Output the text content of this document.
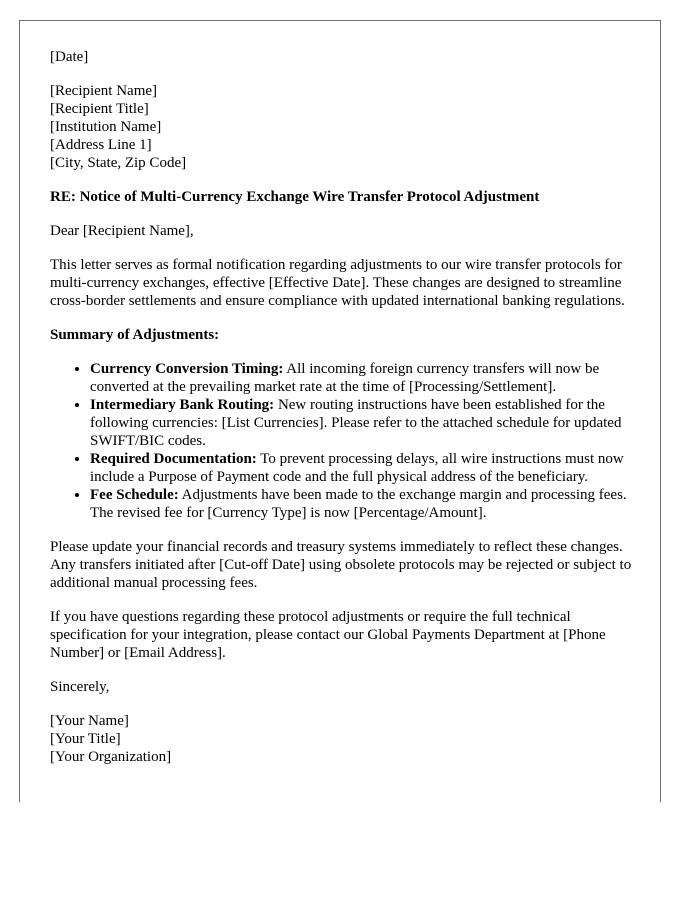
[Date]
[Recipient Name]
[Recipient Title]
[Institution Name]
[Address Line 1]
[City, State, Zip Code]
RE: Notice of Multi-Currency Exchange Wire Transfer Protocol Adjustment
Dear [Recipient Name],
This letter serves as formal notification regarding adjustments to our wire transfer protocols for multi-currency exchanges, effective [Effective Date]. These changes are designed to streamline cross-border settlements and ensure compliance with updated international banking regulations.
Summary of Adjustments:
• Currency Conversion Timing: All incoming foreign currency transfers will now be converted at the prevailing market rate at the time of [Processing/Settlement].
• Intermediary Bank Routing: New routing instructions have been established for the following currencies: [List Currencies]. Please refer to the attached schedule for updated SWIFT/BIC codes.
• Required Documentation: To prevent processing delays, all wire instructions must now include a Purpose of Payment code and the full physical address of the beneficiary.
• Fee Schedule: Adjustments have been made to the exchange margin and processing fees. The revised fee for [Currency Type] is now [Percentage/Amount].
Please update your financial records and treasury systems immediately to reflect these changes. Any transfers initiated after [Cut-off Date] using obsolete protocols may be rejected or subject to additional manual processing fees.
If you have questions regarding these protocol adjustments or require the full technical specification for your integration, please contact our Global Payments Department at [Phone Number] or [Email Address].
Sincerely,
[Your Name]
[Your Title]
[Your Organization]
